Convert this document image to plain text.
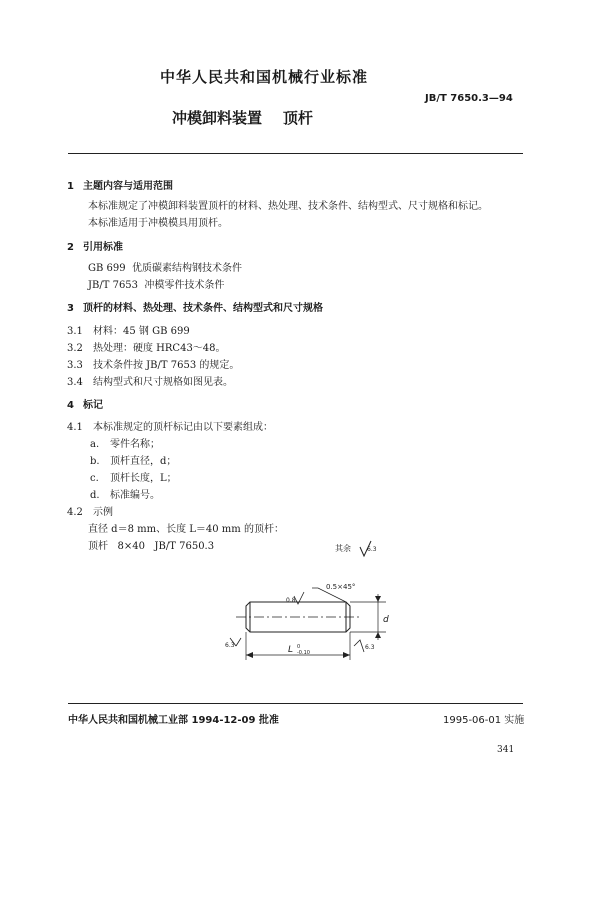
中华人民共和国机械行业标准
JB/T 7650.3—94
冲模卸料装置    顶杆
1 主题内容与适用范围
本标准规定了冲模卸料装置顶杆的材料、热处理、技术条件、结构型式、尺寸规格和标记。
本标准适用于冲模模具用顶杆。
2 引用标准
GB 699 优质碳素结构钢技术条件
JB/T 7653 冲模零件技术条件
3 顶杆的材料、热处理、技术条件、结构型式和尺寸规格
3.1 材料：45 钢 GB 699
3.2 热处理：硬度 HRC43～48。
3.3 技术条件按 JB/T 7653 的规定。
3.4 结构型式和尺寸规格如图见表。
4 标记
4.1 本标准规定的顶杆标记由以下要素组成：
a. 零件名称；
b. 顶杆直径，d；
c. 顶杆长度，L；
d. 标准编号。
4.2 示例
直径 d＝8 mm、长度 L＝40 mm 的顶杆：
顶杆   8×40   JB/T 7650.3	其余	6.3
0.5×45°
d
L 0
-0.10
0.8
6.3	6.3
中华人民共和国机械工业部 1994-12-09 批准	1995-06-01 实施
341
